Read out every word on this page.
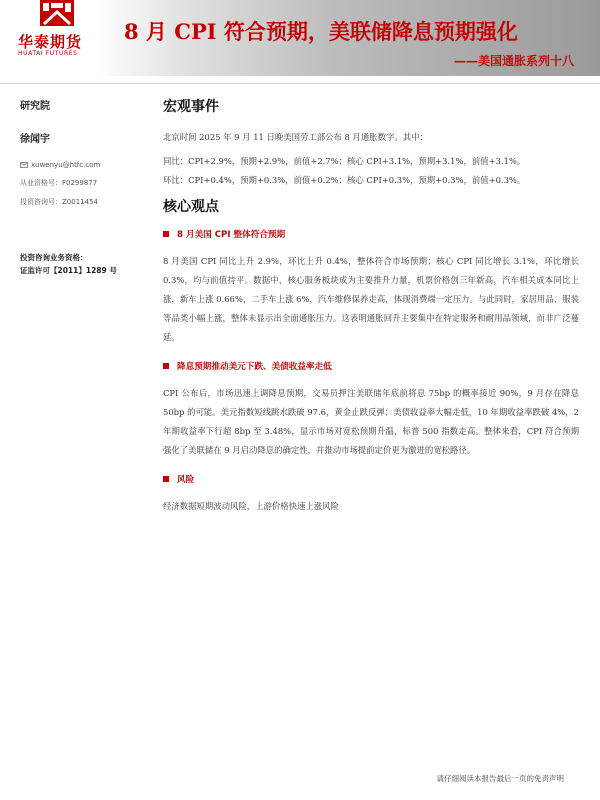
华泰期货
HUATAI FUTURES
8 月 CPI 符合预期，美联储降息预期强化
——美国通胀系列十八
研究院
徐闻宇
xuwenyu@htfc.com
从业资格号：F0299877
投资咨询号：Z0011454
投资咨询业务资格：
证监许可【2011】1289 号
宏观事件
北京时间 2025 年 9 月 11 日晚美国劳工部公布 8 月通胀数字。其中：
同比：CPI+2.9%，预期+2.9%，前值+2.7%；核心 CPI+3.1%，预期+3.1%，前值+3.1%。
环比：CPI+0.4%，预期+0.3%，前值+0.2%；核心 CPI+0.3%，预期+0.3%，前值+0.3%。
核心观点
8 月美国 CPI 整体符合预期
8 月美国 CPI 同比上升 2.9%，环比上升 0.4%，整体符合市场预期；核心 CPI 同比增长 3.1%，环比增长 0.3%，均与前值持平。数据中，核心服务板块成为主要推升力量，机票价格创三年新高，汽车相关成本同比上涨，新车上涨 0.66%，二手车上涨 6%，汽车维修保养走高，体现消费端一定压力。与此同时，家居用品、服装等品类小幅上涨，整体未显示出全面通胀压力。这表明通胀回升主要集中在特定服务和耐用品领域，而非广泛蔓延。
降息预期推动美元下跌、美债收益率走低
CPI 公布后，市场迅速上调降息预期，交易员押注美联储年底前将息 75bp 的概率接近 90%，9 月存在降息 50bp 的可能。美元指数短线跳水跌破 97.6，黄金止跌反弹；美债收益率大幅走低，10 年期收益率跌破 4%，2 年期收益率下行超 8bp 至 3.48%，显示市场对宽松预期升温，标普 500 指数走高。整体来看，CPI 符合预期强化了美联储在 9 月启动降息的确定性，并推动市场提前定价更为激进的宽松路径。
风险
经济数据短期波动风险，上游价格快速上涨风险
请仔细阅读本报告最后一页的免责声明
